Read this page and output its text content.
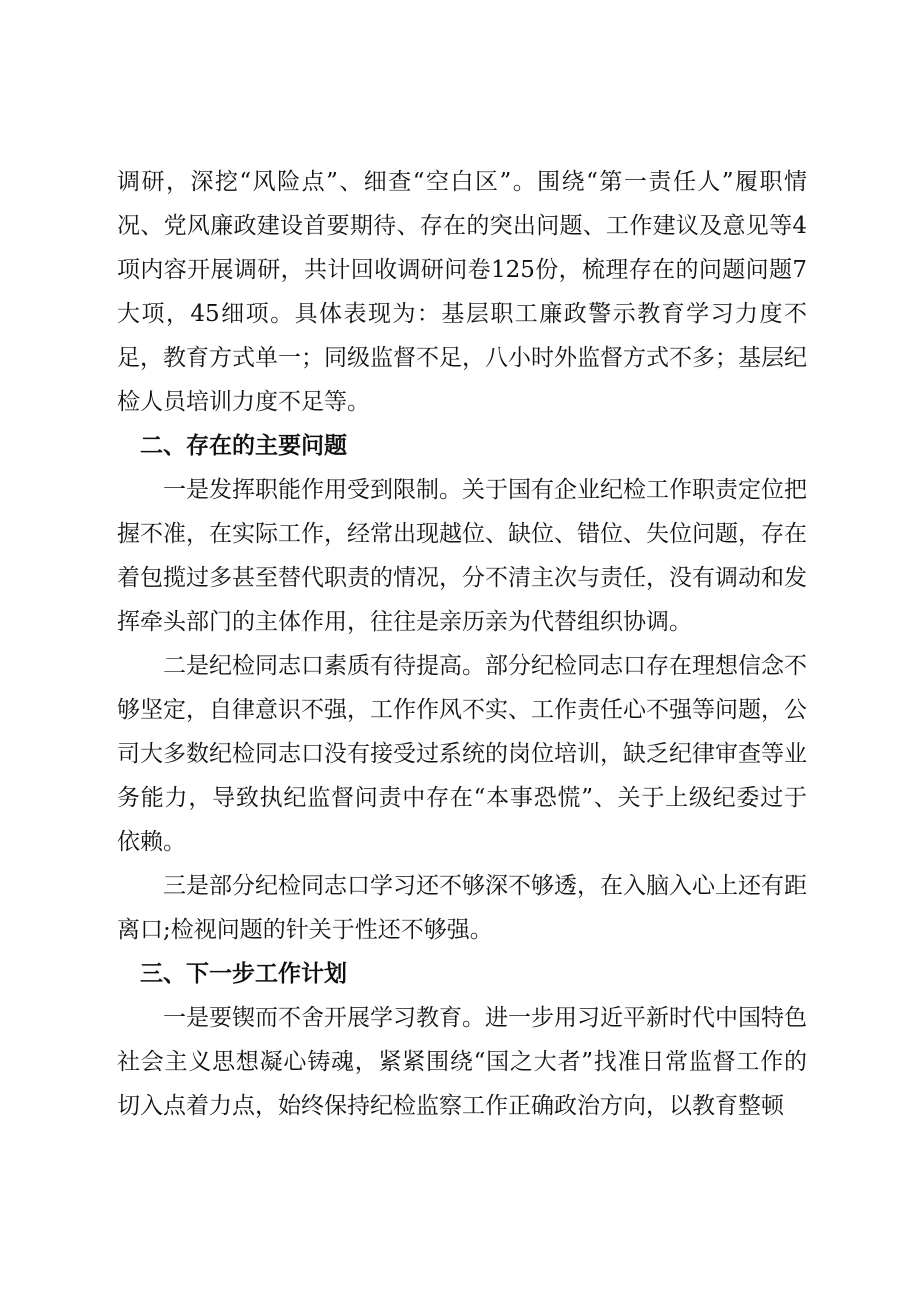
调研，深挖“风险点”、细查“空白区”。围绕“第一责任人”履职情况、党风廉政建设首要期待、存在的突出问题、工作建议及意见等4项内容开展调研，共计回收调研问卷125份，梳理存在的问题问题7大项，45细项。具体表现为：基层职工廉政警示教育学习力度不足，教育方式单一；同级监督不足，八小时外监督方式不多；基层纪检人员培训力度不足等。

　二、存在的主要问题

　　一是发挥职能作用受到限制。关于国有企业纪检工作职责定位把握不准，在实际工作，经常出现越位、缺位、错位、失位问题，存在着包揽过多甚至替代职责的情况，分不清主次与责任，没有调动和发挥牵头部门的主体作用，往往是亲历亲为代替组织协调。

　　二是纪检同志口素质有待提高。部分纪检同志口存在理想信念不够坚定，自律意识不强，工作作风不实、工作责任心不强等问题，公司大多数纪检同志口没有接受过系统的岗位培训，缺乏纪律审查等业务能力，导致执纪监督问责中存在“本事恐慌”、关于上级纪委过于依赖。

　　三是部分纪检同志口学习还不够深不够透，在入脑入心上还有距离口;检视问题的针关于性还不够强。

　三、下一步工作计划

　　一是要锲而不舍开展学习教育。进一步用习近平新时代中国特色社会主义思想凝心铸魂，紧紧围绕“国之大者”找准日常监督工作的切入点着力点，始终保持纪检监察工作正确政治方向，以教育整顿
